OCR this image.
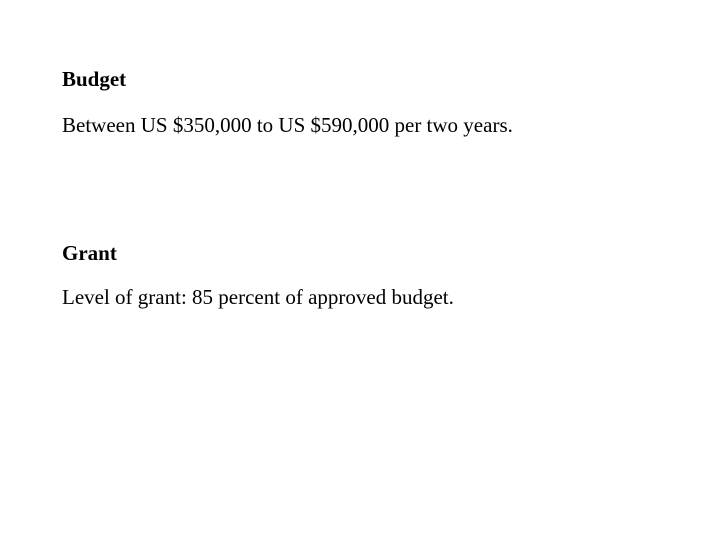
Budget
Between US $350,000 to US $590,000 per two years.
Grant
Level of grant: 85 percent of approved budget.
